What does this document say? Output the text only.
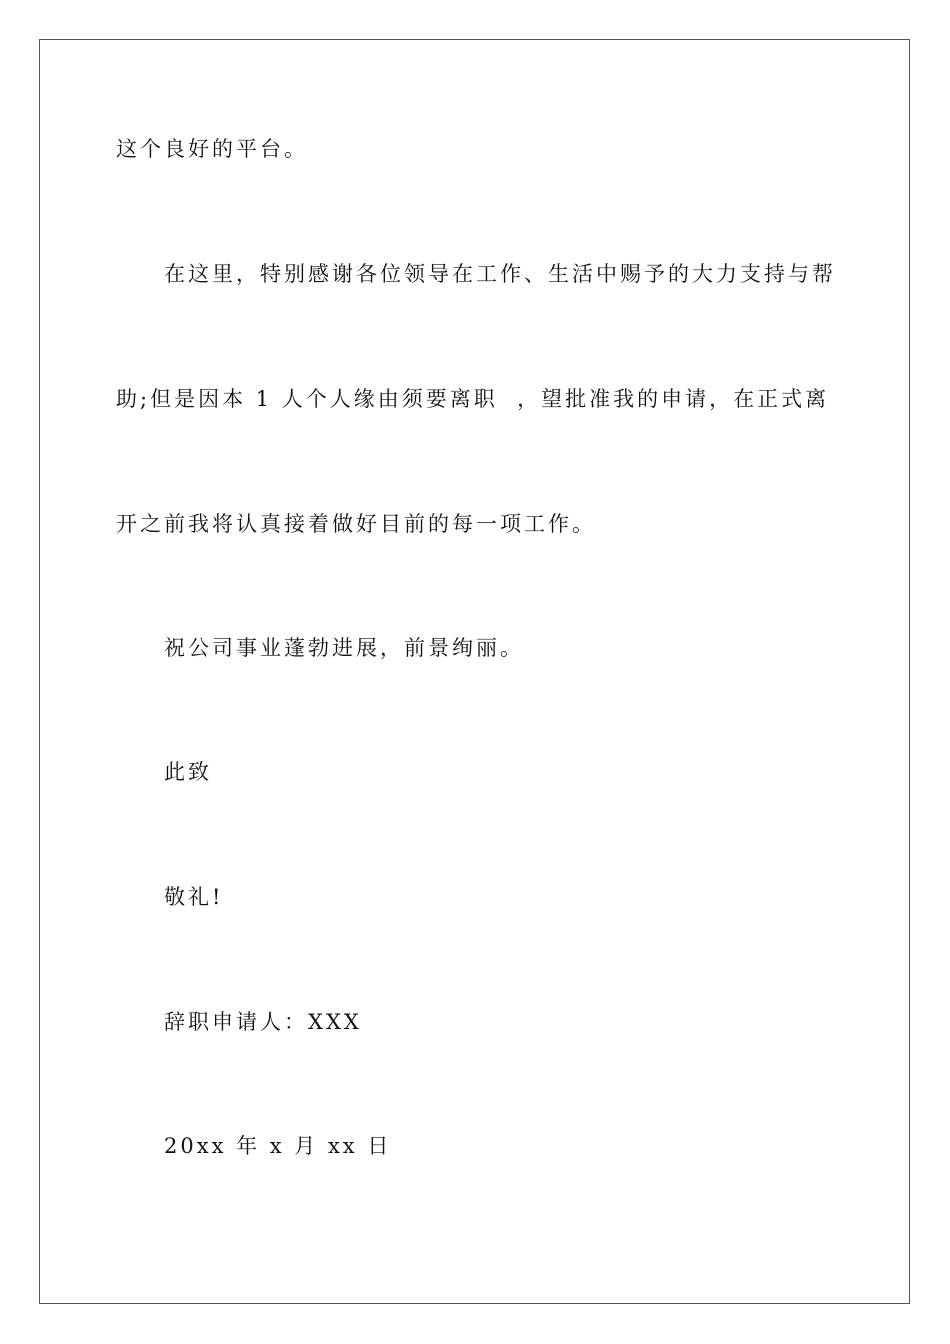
这个良好的平台。
在这里，特别感谢各位领导在工作、生活中赐予的大力支持与帮
助;但是因本 1 人个人缘由须要离职  ，望批准我的申请，在正式离
开之前我将认真接着做好目前的每一项工作。
祝公司事业蓬勃进展，前景绚丽。
此致
敬礼!
辞职申请人：XXX
20xx 年 x 月 xx 日
